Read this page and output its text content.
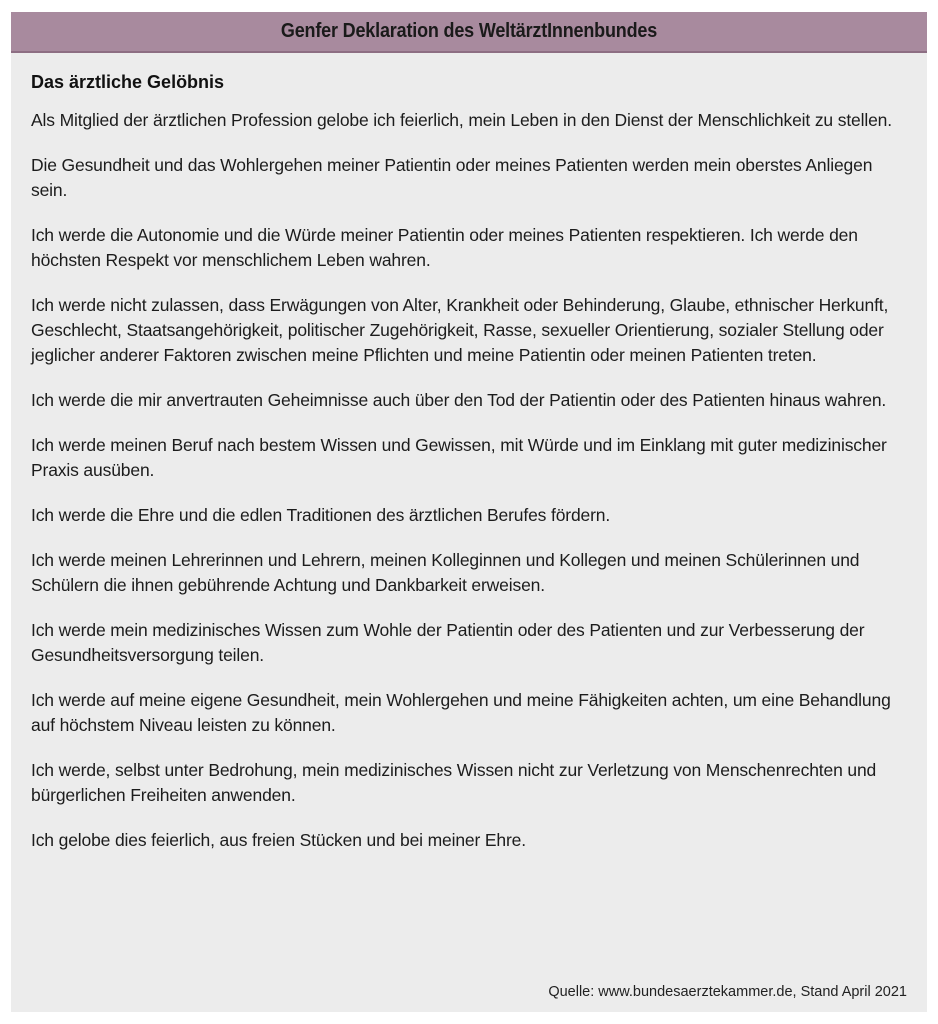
Genfer Deklaration des WeltärztInnenbundes
Das ärztliche Gelöbnis

Als Mitglied der ärztlichen Profession gelobe ich feierlich, mein Leben in den Dienst der Menschlichkeit zu stellen.

Die Gesundheit und das Wohlergehen meiner Patientin oder meines Patienten werden mein oberstes Anliegen sein.

Ich werde die Autonomie und die Würde meiner Patientin oder meines Patienten respektieren. Ich werde den höchsten Respekt vor menschlichem Leben wahren.

Ich werde nicht zulassen, dass Erwägungen von Alter, Krankheit oder Behinderung, Glaube, ethnischer Herkunft, Geschlecht, Staatsangehörigkeit, politischer Zugehörigkeit, Rasse, sexueller Orientierung, sozialer Stellung oder jeglicher anderer Faktoren zwischen meine Pflichten und meine Patientin oder meinen Patienten treten.

Ich werde die mir anvertrauten Geheimnisse auch über den Tod der Patientin oder des Patienten hinaus wahren.

Ich werde meinen Beruf nach bestem Wissen und Gewissen, mit Würde und im Einklang mit guter medizinischer Praxis ausüben.

Ich werde die Ehre und die edlen Traditionen des ärztlichen Berufes fördern.

Ich werde meinen Lehrerinnen und Lehrern, meinen Kolleginnen und Kollegen und meinen Schülerinnen und Schülern die ihnen gebührende Achtung und Dankbarkeit erweisen.

Ich werde mein medizinisches Wissen zum Wohle der Patientin oder des Patienten und zur Verbesserung der Gesundheitsversorgung teilen.

Ich werde auf meine eigene Gesundheit, mein Wohlergehen und meine Fähigkeiten achten, um eine Behandlung auf höchstem Niveau leisten zu können.

Ich werde, selbst unter Bedrohung, mein medizinisches Wissen nicht zur Verletzung von Menschenrechten und bürgerlichen Freiheiten anwenden.

Ich gelobe dies feierlich, aus freien Stücken und bei meiner Ehre.

Quelle: www.bundesaerztekammer.de, Stand April 2021
